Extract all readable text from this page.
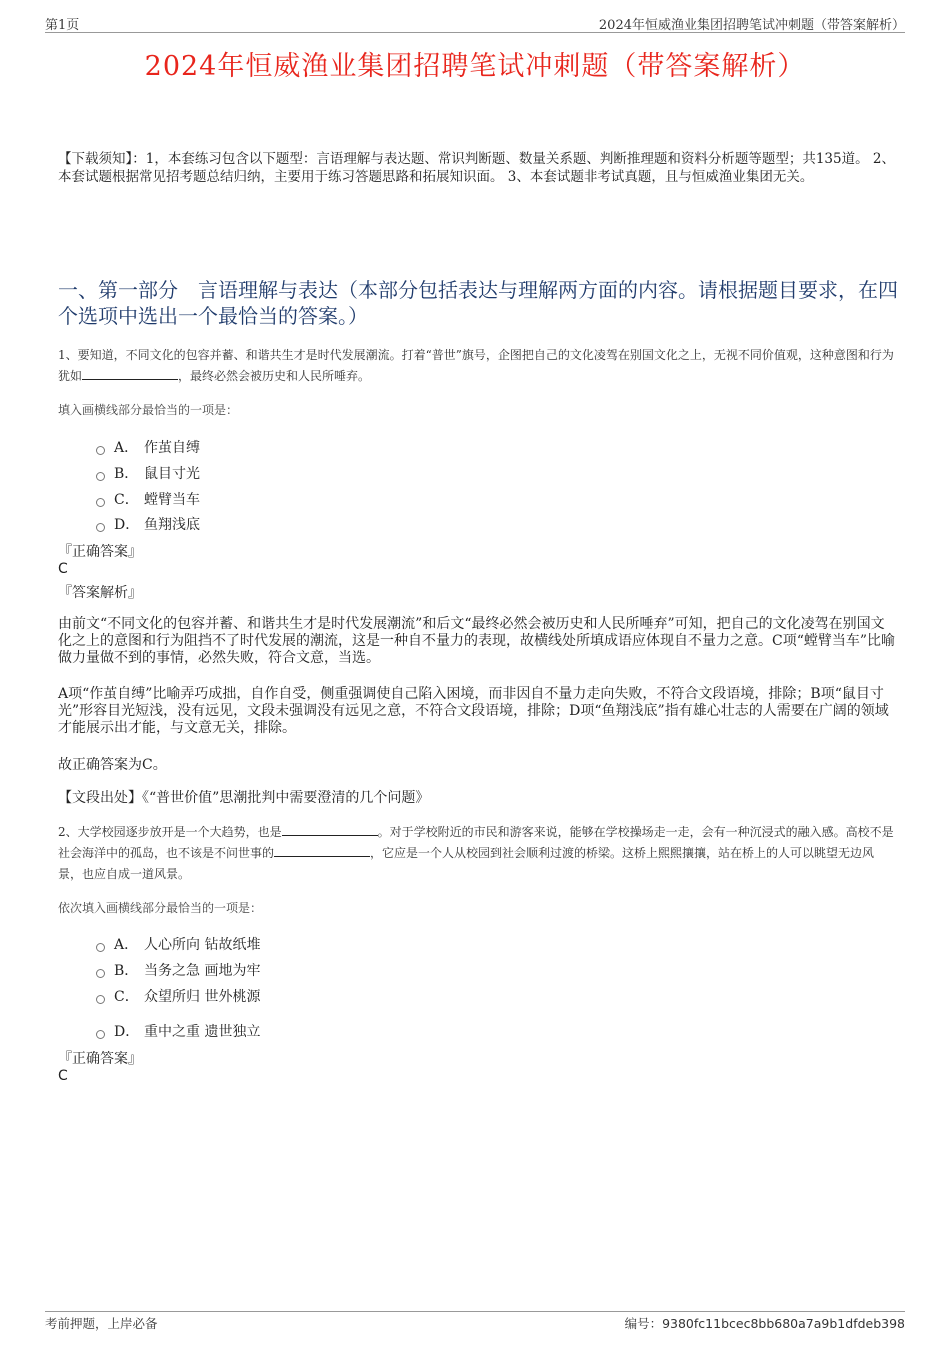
第1页	2024年恒威渔业集团招聘笔试冲刺题（带答案解析）
2024年恒威渔业集团招聘笔试冲刺题（带答案解析）
【下载须知】：1，本套练习包含以下题型：言语理解与表达题、常识判断题、数量关系题、判断推理题和资料分析题等题型；共135道。 2、本套试题根据常见招考题总结归纳，主要用于练习答题思路和拓展知识面。 3、本套试题非考试真题，且与恒威渔业集团无关。
一、第一部分　言语理解与表达（本部分包括表达与理解两方面的内容。请根据题目要求，在四个选项中选出一个最恰当的答案。）
1、要知道，不同文化的包容并蓄、和谐共生才是时代发展潮流。打着“普世”旗号，企图把自己的文化凌驾在别国文化之上，无视不同价值观，这种意图和行为犹如	，最终必然会被历史和人民所唾弃。
填入画横线部分最恰当的一项是：
A． 作茧自缚
B． 鼠目寸光
C． 螳臂当车
D． 鱼翔浅底
『正确答案』
C
『答案解析』
由前文“不同文化的包容并蓄、和谐共生才是时代发展潮流”和后文“最终必然会被历史和人民所唾弃”可知，把自己的文化凌驾在别国文化之上的意图和行为阻挡不了时代发展的潮流，这是一种自不量力的表现，故横线处所填成语应体现自不量力之意。C项“螳臂当车”比喻做力量做不到的事情，必然失败，符合文意，当选。
A项“作茧自缚”比喻弄巧成拙，自作自受，侧重强调使自己陷入困境，而非因自不量力走向失败，不符合文段语境，排除；B项“鼠目寸光”形容目光短浅，没有远见，文段未强调没有远见之意，不符合文段语境，排除；D项“鱼翔浅底”指有雄心壮志的人需要在广阔的领域才能展示出才能，与文意无关，排除。
故正确答案为C。
【文段出处】《“普世价值”思潮批判中需要澄清的几个问题》
2、大学校园逐步放开是一个大趋势，也是	。对于学校附近的市民和游客来说，能够在学校操场走一走，会有一种沉浸式的融入感。高校不是社会海洋中的孤岛，也不该是不问世事的	，它应是一个人从校园到社会顺利过渡的桥梁。这桥上熙熙攘攘，站在桥上的人可以眺望无边风景，也应自成一道风景。
依次填入画横线部分最恰当的一项是：
A． 人心所向 钻故纸堆
B． 当务之急 画地为牢
C． 众望所归 世外桃源
D． 重中之重 遗世独立
『正确答案』
C
考前押题，上岸必备	编号：9380fc11bcec8bb680a7a9b1dfdeb398
